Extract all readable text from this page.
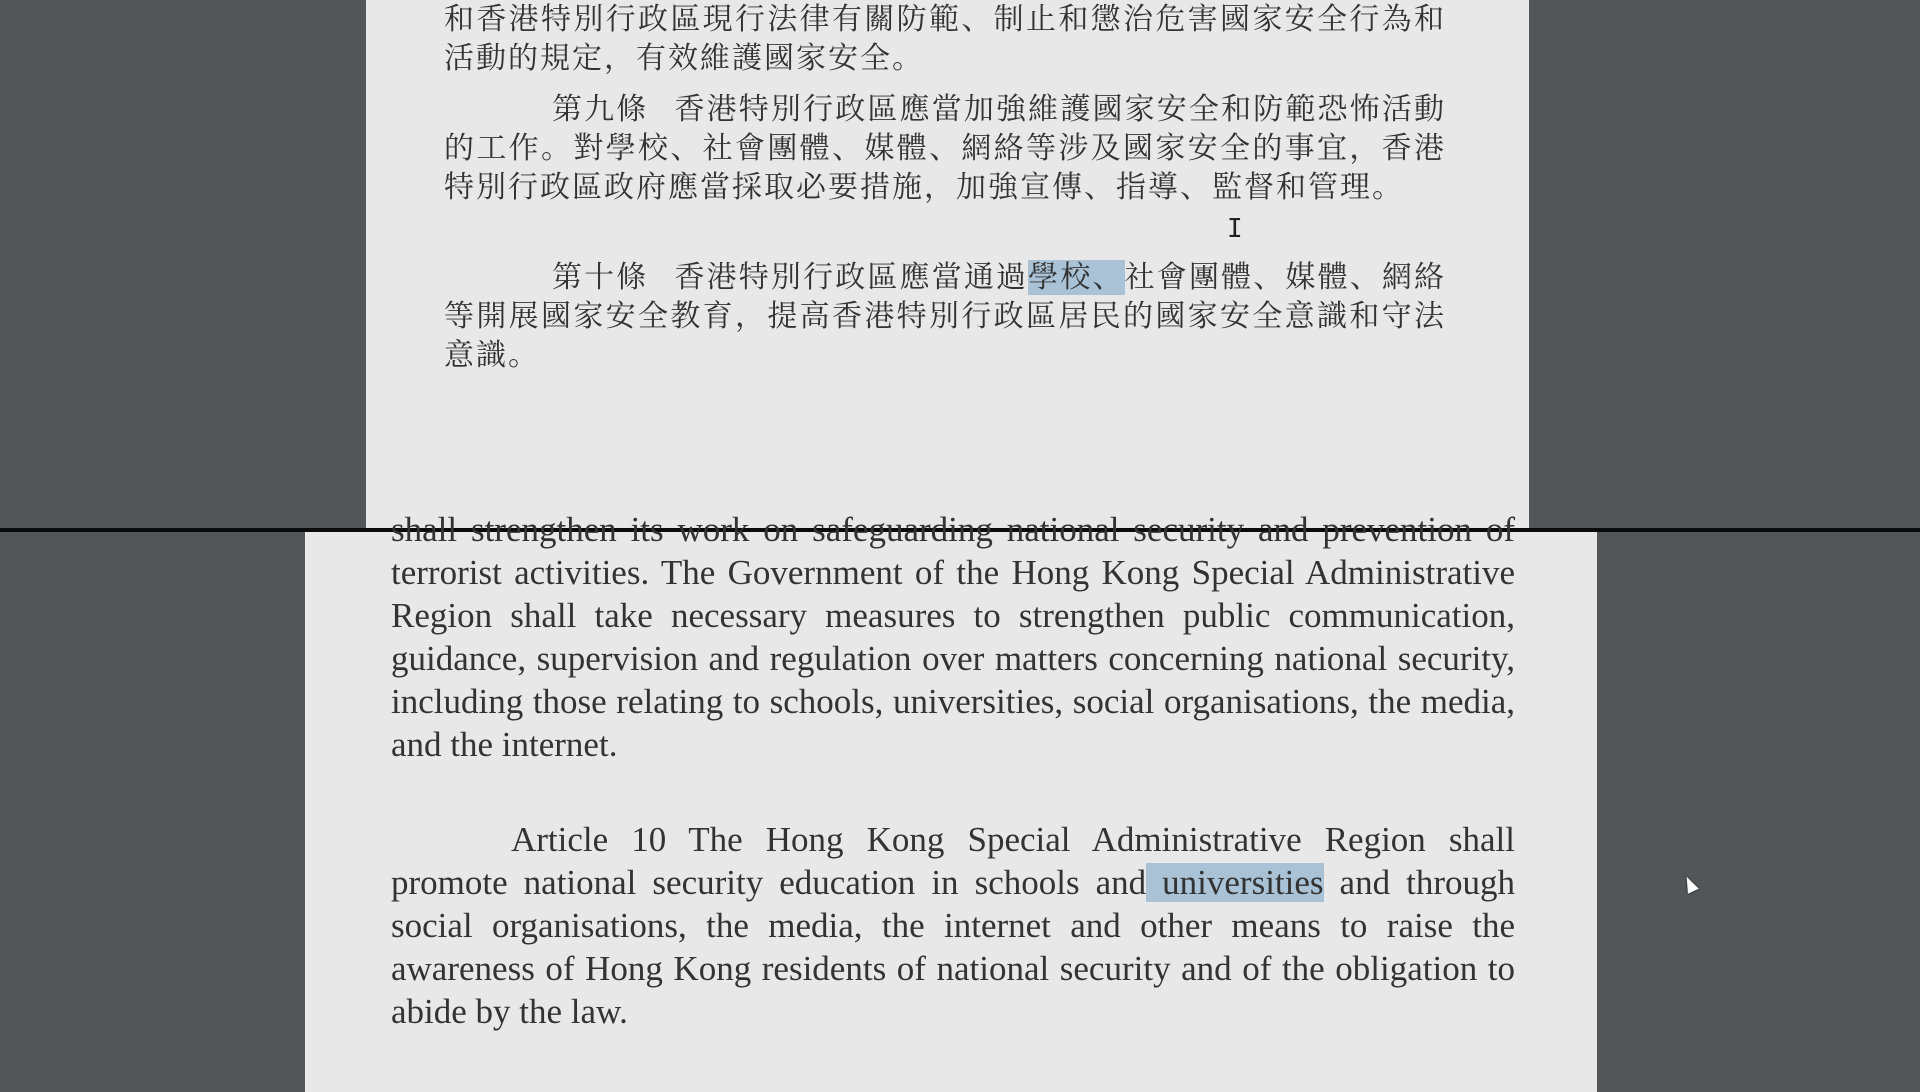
和香港特別行政區現行法律有關防範、制止和懲治危害國家安全行為和活動的規定，有效維護國家安全。

第九條 香港特別行政區應當加強維護國家安全和防範恐怖活動的工作。對學校、社會團體、媒體、網絡等涉及國家安全的事宜，香港特別行政區政府應當採取必要措施，加強宣傳、指導、監督和管理。

第十條 香港特別行政區應當通過學校、社會團體、媒體、網絡等開展國家安全教育，提高香港特別行政區居民的國家安全意識和守法意識。

shall strengthen its work on safeguarding national security and prevention of terrorist activities. The Government of the Hong Kong Special Administrative Region shall take necessary measures to strengthen public communication, guidance, supervision and regulation over matters concerning national security, including those relating to schools, universities, social organisations, the media, and the internet.

Article 10 The Hong Kong Special Administrative Region shall promote national security education in schools and universities and through social organisations, the media, the internet and other means to raise the awareness of Hong Kong residents of national security and of the obligation to abide by the law.

I
